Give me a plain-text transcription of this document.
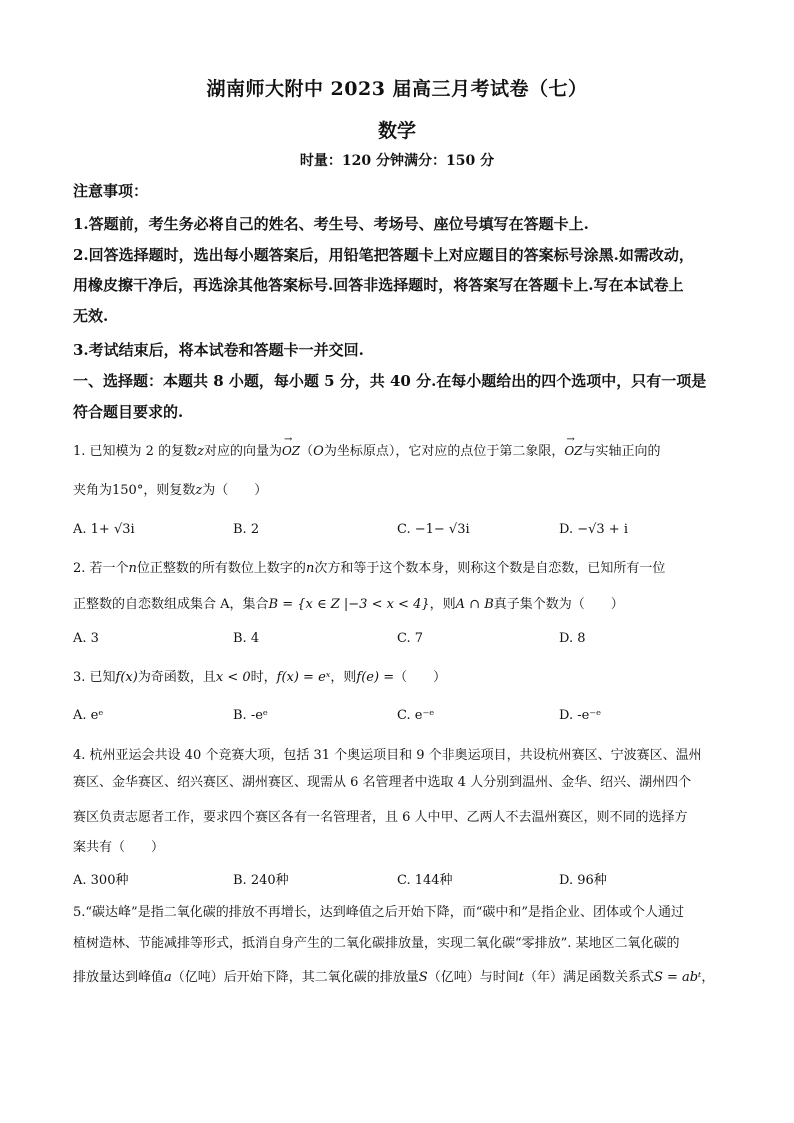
湖南师大附中 2023 届高三月考试卷（七）
数学
时量：120 分钟满分：150 分
注意事项：
1.答题前，考生务必将自己的姓名、考生号、考场号、座位号填写在答题卡上.
2.回答选择题时，选出每小题答案后，用铅笔把答题卡上对应题目的答案标号涂黑.如需改动，
用橡皮擦干净后，再选涂其他答案标号.回答非选择题时，将答案写在答题卡上.写在本试卷上
无效.
3.考试结束后，将本试卷和答题卡一并交回.
一、选择题：本题共 8 小题，每小题 5 分，共 40 分.在每小题给出的四个选项中，只有一项是
符合题目要求的.
1. 已知模为 2 的复数z对应的向量为→ OZ（O为坐标原点），它对应的点位于第二象限，→ OZ与实轴正向的
夹角为150°，则复数z为（　　）
A. 1+ √3i	B. 2	C. −1− √3i	D. −√3 + i
2. 若一个n位正整数的所有数位上数字的n次方和等于这个数本身，则称这个数是自恋数，已知所有一位
正整数的自恋数组成集合 A，集合B = {x ∈ Z |−3 < x < 4}，则A ∩ B真子集个数为（　　）
A. 3	B. 4	C. 7	D. 8
3. 已知f(x)为奇函数，且x < 0时，f(x) = eˣ，则f(e) =（　　）
A. eᵉ	B. -eᵉ	C. e⁻ᵉ	D. -e⁻ᵉ
4. 杭州亚运会共设 40 个竞赛大项，包括 31 个奥运项目和 9 个非奥运项目，共设杭州赛区、宁波赛区、温州
赛区、金华赛区、绍兴赛区、湖州赛区、现需从 6 名管理者中选取 4 人分别到温州、金华、绍兴、湖州四个
赛区负责志愿者工作，要求四个赛区各有一名管理者，且 6 人中甲、乙两人不去温州赛区，则不同的选择方
案共有（　　）
A. 300种	B. 240种	C. 144种	D. 96种
5.“碳达峰”是指二氧化碳的排放不再增长，达到峰值之后开始下降，而“碳中和”是指企业、团体或个人通过
植树造林、节能减排等形式，抵消自身产生的二氧化碳排放量，实现二氧化碳“零排放”. 某地区二氧化碳的
排放量达到峰值a（亿吨）后开始下降，其二氧化碳的排放量S（亿吨）与时间t（年）满足函数关系式S = abᵗ，
